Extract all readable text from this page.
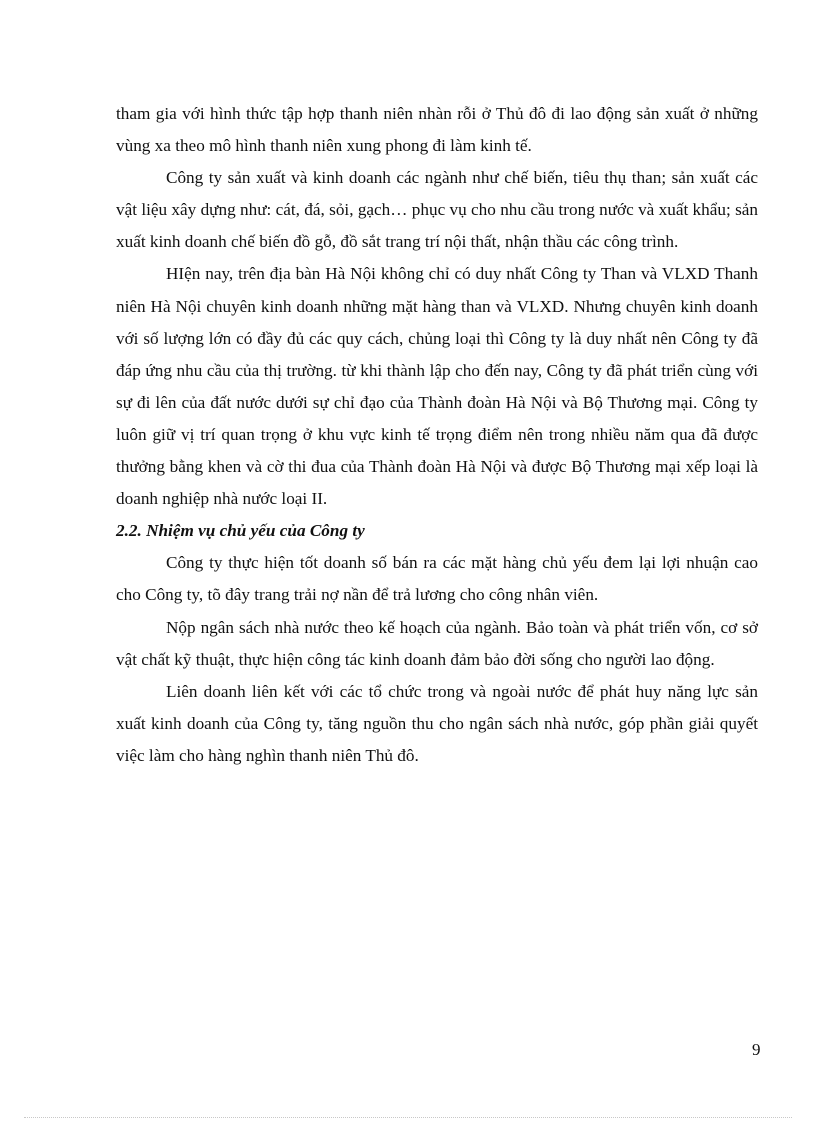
tham gia với hình thức tập hợp thanh niên nhàn rỗi ở Thủ đô đi lao động sản xuất ở những vùng xa theo mô hình thanh niên xung phong đi làm kinh tế.

Công ty sản xuất và kinh doanh các ngành như chế biến, tiêu thụ than; sản xuất các vật liệu xây dựng như: cát, đá, sỏi, gạch… phục vụ cho nhu cầu trong nước và xuất khẩu; sản xuất kinh doanh chế biến đồ gỗ, đồ sắt trang trí nội thất, nhận thầu các công trình.

HIện nay, trên địa bàn Hà Nội không chỉ có duy nhất Công ty Than và VLXD Thanh niên Hà Nội chuyên kinh doanh những mặt hàng than và VLXD. Nhưng chuyên kinh doanh với số lượng lớn có đầy đủ các quy cách, chủng loại thì Công ty là duy nhất nên Công ty đã đáp ứng nhu cầu của thị trường. từ khi thành lập cho đến nay, Công ty đã phát triển cùng với sự đi lên của đất nước dưới sự chỉ đạo của Thành đoàn Hà Nội và Bộ Thương mại. Công ty luôn giữ vị trí quan trọng ở khu vực kinh tế trọng điểm nên trong nhiều năm qua đã được thưởng bằng khen và cờ thi đua của Thành đoàn Hà Nội và được Bộ Thương mại xếp loại là doanh nghiệp nhà nước loại II.

2.2. Nhiệm vụ chủ yếu của Công ty

Công ty thực hiện tốt doanh số bán ra các mặt hàng chủ yếu đem lại lợi nhuận cao cho Công ty, tõ đây trang trải nợ nần để trả lương cho công nhân viên.

Nộp ngân sách nhà nước theo kế hoạch của ngành. Bảo toàn và phát triển vốn, cơ sở vật chất kỹ thuật, thực hiện công tác kinh doanh đảm bảo đời sống cho người lao động.

Liên doanh liên kết với các tổ chức trong và ngoài nước để phát huy năng lực sản xuất kinh doanh của Công ty, tăng nguồn thu cho ngân sách nhà nước, góp phần giải quyết việc làm cho hàng nghìn thanh niên Thủ đô.

9
